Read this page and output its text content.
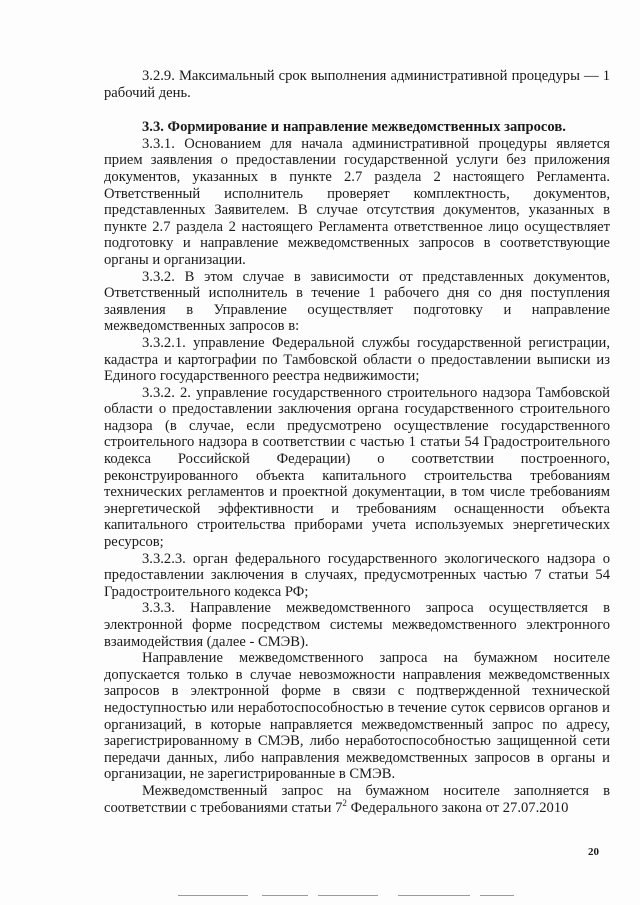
3.2.9. Максимальный срок выполнения административной процедуры — 1 рабочий день.

3.3. Формирование и направление межведомственных запросов.

3.3.1. Основанием для начала административной процедуры является прием заявления о предоставлении государственной услуги без приложения документов, указанных в пункте 2.7 раздела 2 настоящего Регламента. Ответственный исполнитель проверяет комплектность, документов, представленных Заявителем. В случае отсутствия документов, указанных в пункте 2.7 раздела 2 настоящего Регламента ответственное лицо осуществляет подготовку и направление межведомственных запросов в соответствующие органы и организации.

3.3.2. В этом случае в зависимости от представленных документов, Ответственный исполнитель в течение 1 рабочего дня со дня поступления заявления в Управление осуществляет подготовку и направление межведомственных запросов в:

3.3.2.1. управление Федеральной службы государственной регистрации, кадастра и картографии по Тамбовской области о предоставлении выписки из Единого государственного реестра недвижимости;

3.3.2. 2. управление государственного строительного надзора Тамбовской области о предоставлении заключения органа государственного строительного надзора (в случае, если предусмотрено осуществление государственного строительного надзора в соответствии с частью 1 статьи 54 Градостроительного кодекса Российской Федерации) о соответствии построенного, реконструированного объекта капитального строительства требованиям технических регламентов и проектной документации, в том числе требованиям энергетической эффективности и требованиям оснащенности объекта капитального строительства приборами учета используемых энергетических ресурсов;

3.3.2.3. орган федерального государственного экологического надзора о предоставлении заключения в случаях, предусмотренных частью 7 статьи 54 Градостроительного кодекса РФ;

3.3.3. Направление межведомственного запроса осуществляется в электронной форме посредством системы межведомственного электронного взаимодействия (далее - СМЭВ).

Направление межведомственного запроса на бумажном носителе допускается только в случае невозможности направления межведомственных запросов в электронной форме в связи с подтвержденной технической недоступностью или неработоспособностью в течение суток сервисов органов и организаций, в которые направляется межведомственный запрос по адресу, зарегистрированному в СМЭВ, либо неработоспособностью защищенной сети передачи данных, либо направления межведомственных запросов в органы и организации, не зарегистрированные в СМЭВ.

Межведомственный запрос на бумажном носителе заполняется в соответствии с требованиями статьи $7^2$ Федерального закона от 27.07.2010

20
